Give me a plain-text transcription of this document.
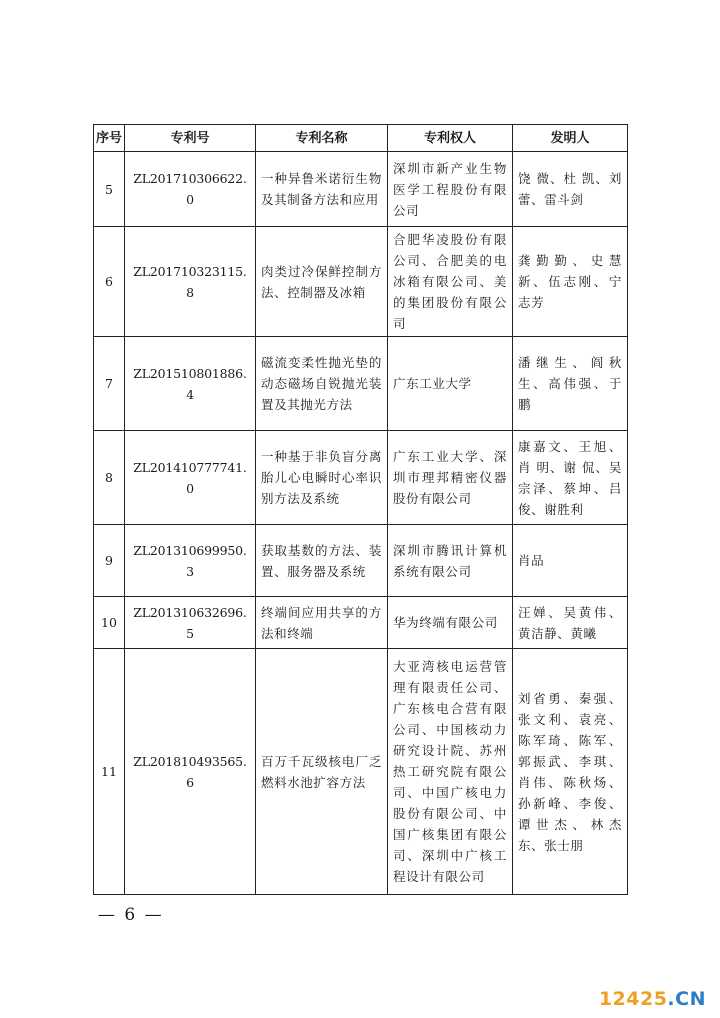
序号	专利号	专利名称	专利权人	发明人
5	ZL201710306622. 0	一种异鲁米诺衍生物及其制备方法和应用	深圳市新产业生物医学工程股份有限公司	饶 微、杜 凯、刘蕾、雷斗剑
6	ZL201710323115. 8	肉类过冷保鲜控制方法、控制器及冰箱	合肥华凌股份有限公司、合肥美的电冰箱有限公司、美的集团股份有限公司	龚勤勤、史慧新、伍志刚、宁志芳
7	ZL201510801886. 4	磁流变柔性抛光垫的动态磁场自锐抛光装置及其抛光方法	广东工业大学	潘继生、阎秋生、高伟强、于鹏
8	ZL201410777741. 0	一种基于非负盲分离胎儿心电瞬时心率识别方法及系统	广东工业大学、深圳市理邦精密仪器股份有限公司	康嘉文、王旭、肖 明、谢 侃、吴宗泽、蔡坤、吕俊、谢胜利
9	ZL201310699950. 3	获取基数的方法、装置、服务器及系统	深圳市腾讯计算机系统有限公司	肖品
10	ZL201310632696. 5	终端间应用共享的方法和终端	华为终端有限公司	汪婵、吴黄伟、黄洁静、黄曦
11	ZL201810493565. 6	百万千瓦级核电厂乏燃料水池扩容方法	大亚湾核电运营管理有限责任公司、广东核电合营有限公司、中国核动力研究设计院、苏州热工研究院有限公司、中国广核电力股份有限公司、中国广核集团有限公司、深圳中广核工程设计有限公司	刘省勇、秦强、张文利、袁亮、陈军琦、陈军、郭振武、李琪、肖伟、陈秋炀、孙新峰、李俊、谭世杰、林杰东、张士朋
— 6 —
12425.CN
